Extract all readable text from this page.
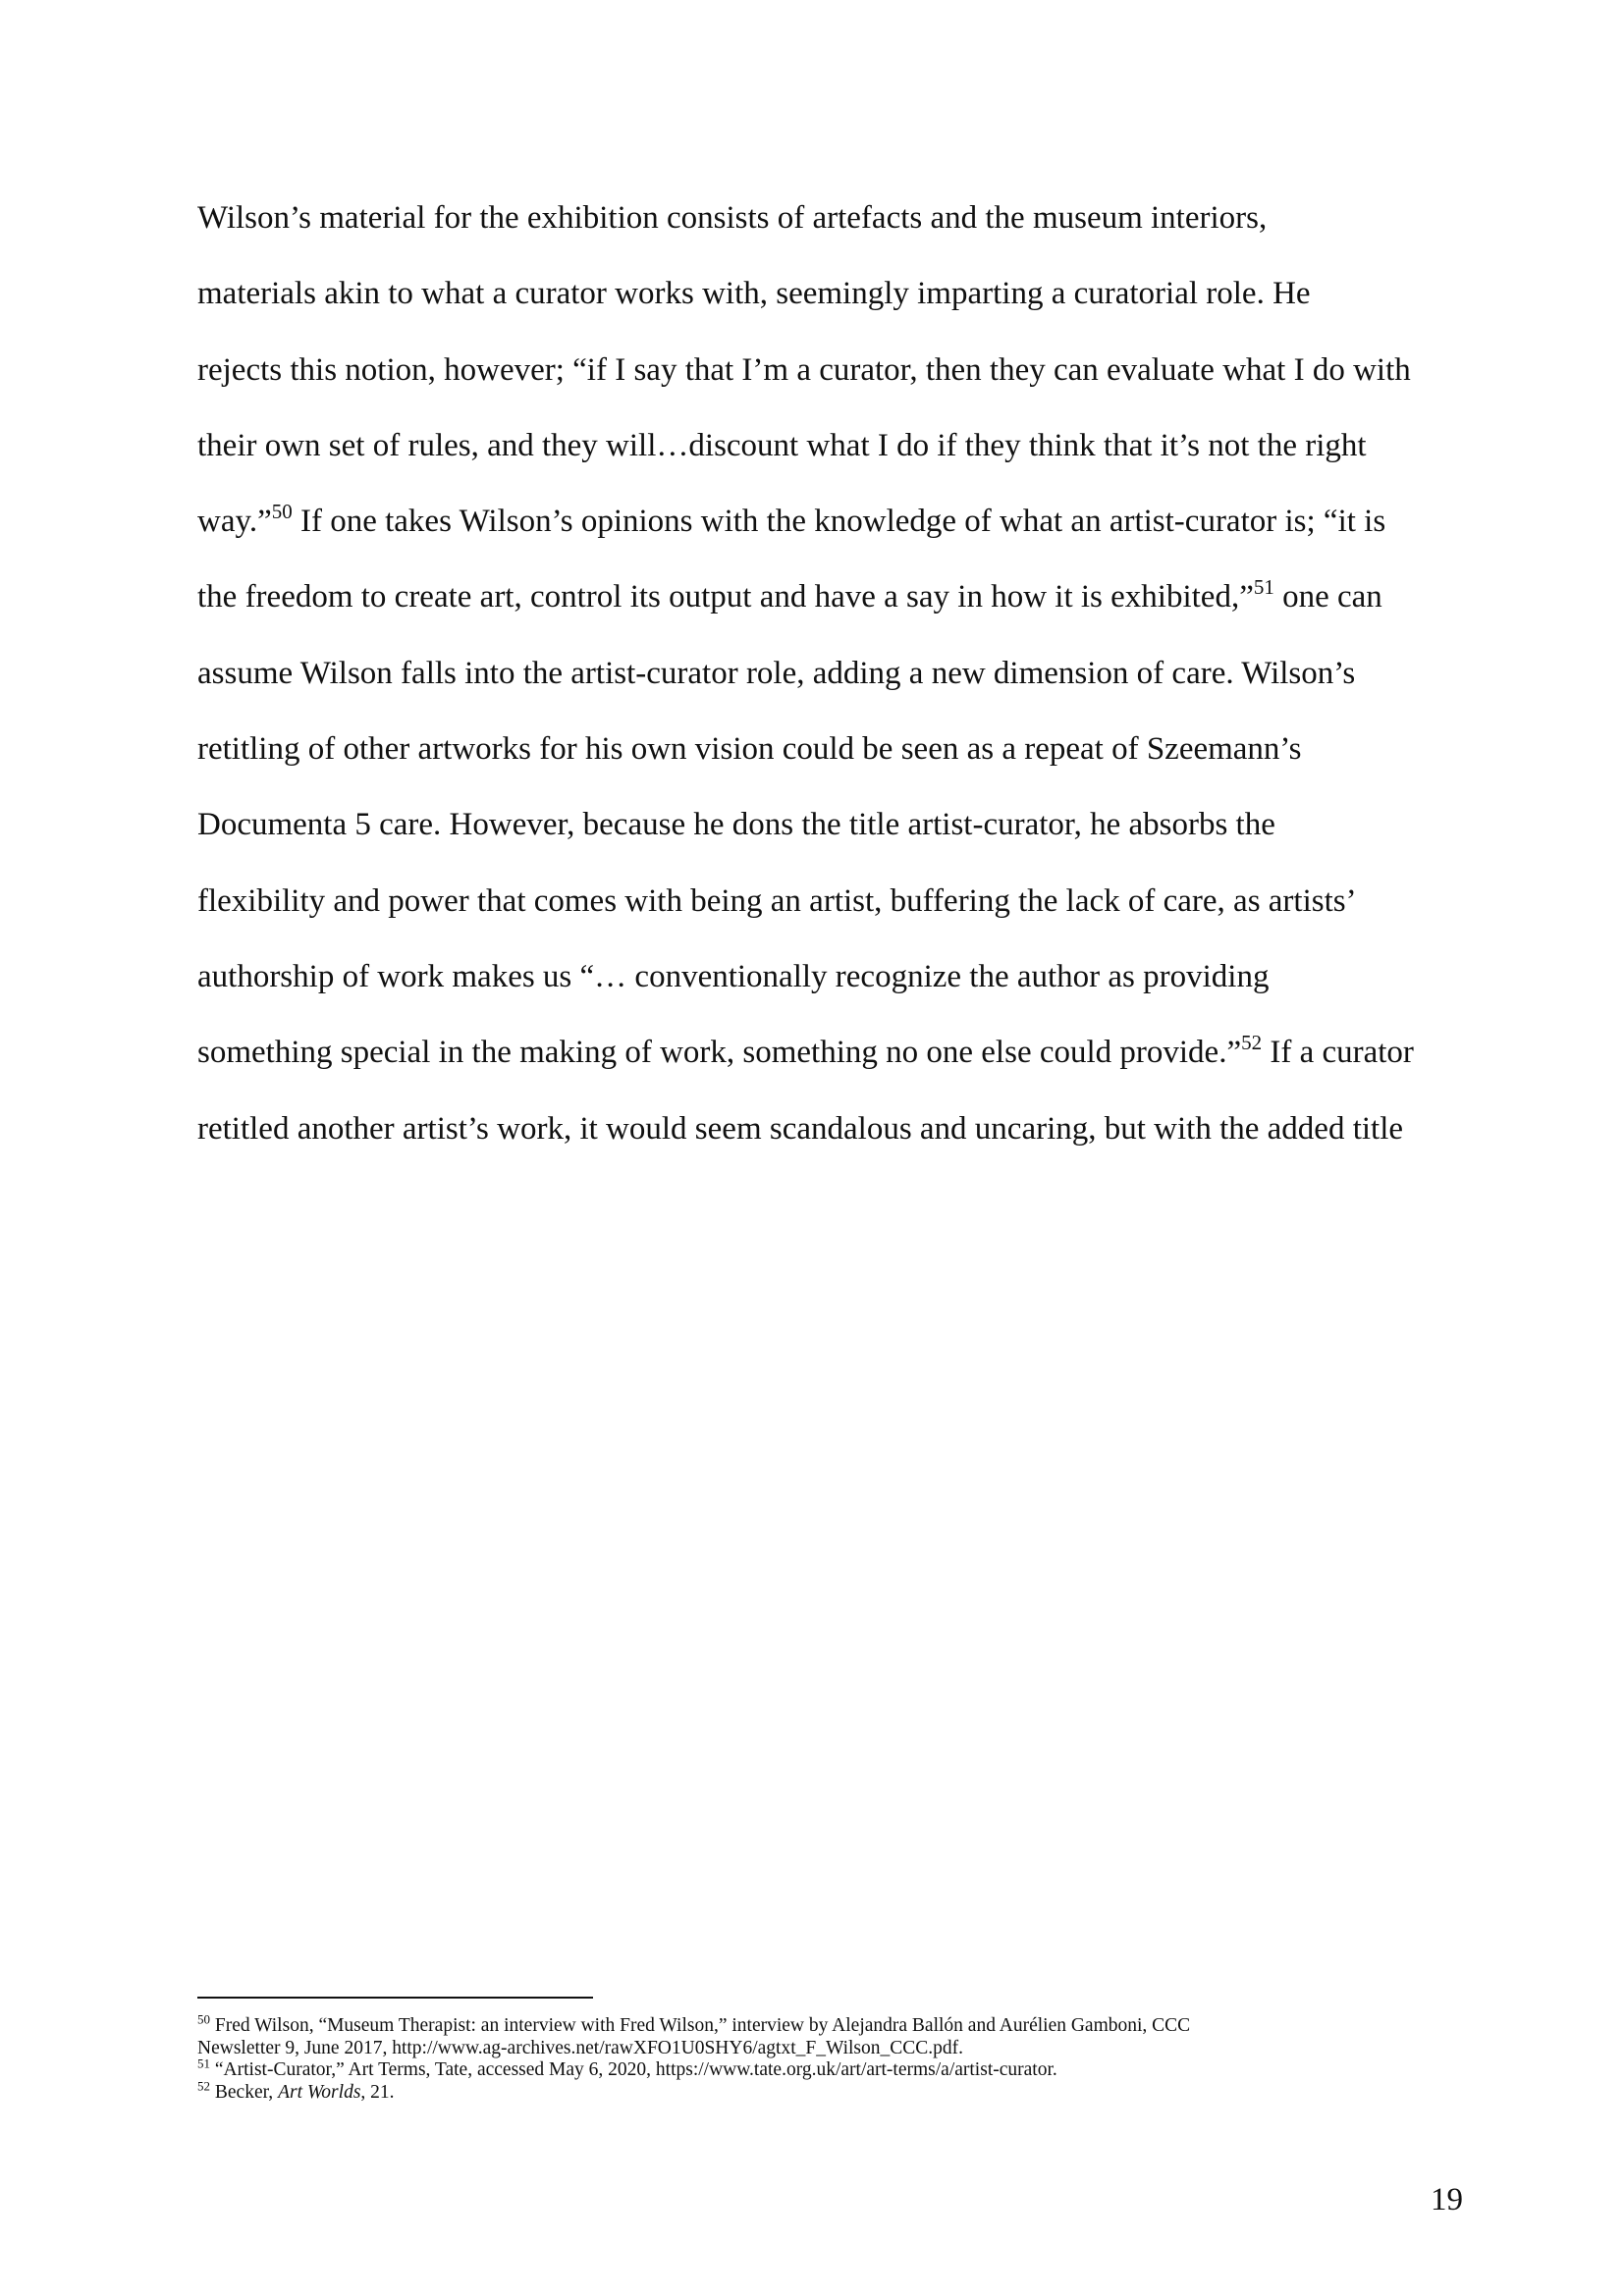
Wilson’s material for the exhibition consists of artefacts and the museum interiors,
materials akin to what a curator works with, seemingly imparting a curatorial role. He
rejects this notion, however; “if I say that I’m a curator, then they can evaluate what I do with
their own set of rules, and they will…discount what I do if they think that it’s not the right
way.”$^{50}$ If one takes Wilson’s opinions with the knowledge of what an artist-curator is; “it is
the freedom to create art, control its output and have a say in how it is exhibited,”$^{51}$ one can
assume Wilson falls into the artist-curator role, adding a new dimension of care. Wilson’s
retitling of other artworks for his own vision could be seen as a repeat of Szeemann’s
Documenta 5 care. However, because he dons the title artist-curator, he absorbs the
flexibility and power that comes with being an artist, buffering the lack of care, as artists’
authorship of work makes us “… conventionally recognize the author as providing
something special in the making of work, something no one else could provide.”$^{52}$ If a curator
retitled another artist’s work, it would seem scandalous and uncaring, but with the added title
$^{50}$ Fred Wilson, “Museum Therapist: an interview with Fred Wilson,” interview by Alejandra Ballón and Aurélien Gamboni, CCC
Newsletter 9, June 2017, http://www.ag-archives.net/rawXFO1U0SHY6/agtxt_F_Wilson_CCC.pdf.
$^{51}$ “Artist-Curator,” Art Terms, Tate, accessed May 6, 2020, https://www.tate.org.uk/art/art-terms/a/artist-curator.
$^{52}$ Becker, Art Worlds, 21.
19
